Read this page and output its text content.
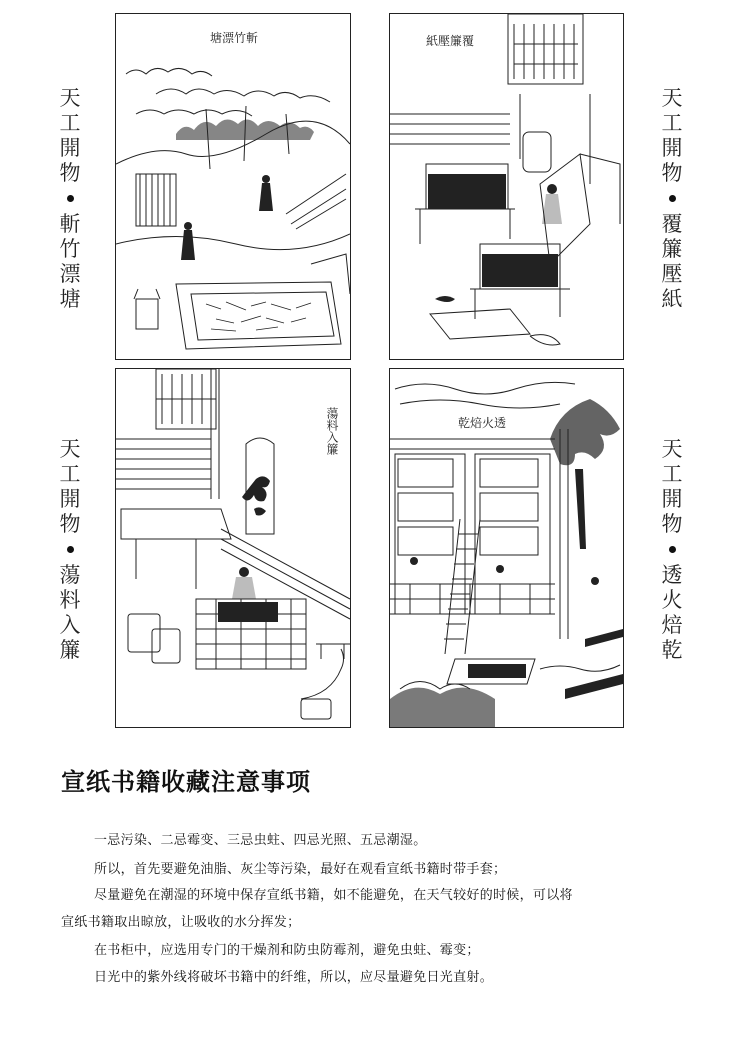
天
工
開
物
斬
竹
漂
塘
天
工
開
物
覆
簾
壓
紙
天
工
開
物
蕩
料
入
簾
天
工
開
物
透
火
焙
乾
塘漂竹斬	紙壓簾覆
蕩料入簾	乾焙火透
宣纸书籍收藏注意事项
一忌污染、二忌霉变、三忌虫蛀、四忌光照、五忌潮湿。
所以，首先要避免油脂、灰尘等污染，最好在观看宣纸书籍时带手套；
尽量避免在潮湿的环境中保存宣纸书籍，如不能避免，在天气较好的时候，可以将
宣纸书籍取出晾放，让吸收的水分挥发；
在书柜中，应选用专门的干燥剂和防虫防霉剂，避免虫蛀、霉变；
日光中的紫外线将破坏书籍中的纤维，所以，应尽量避免日光直射。
